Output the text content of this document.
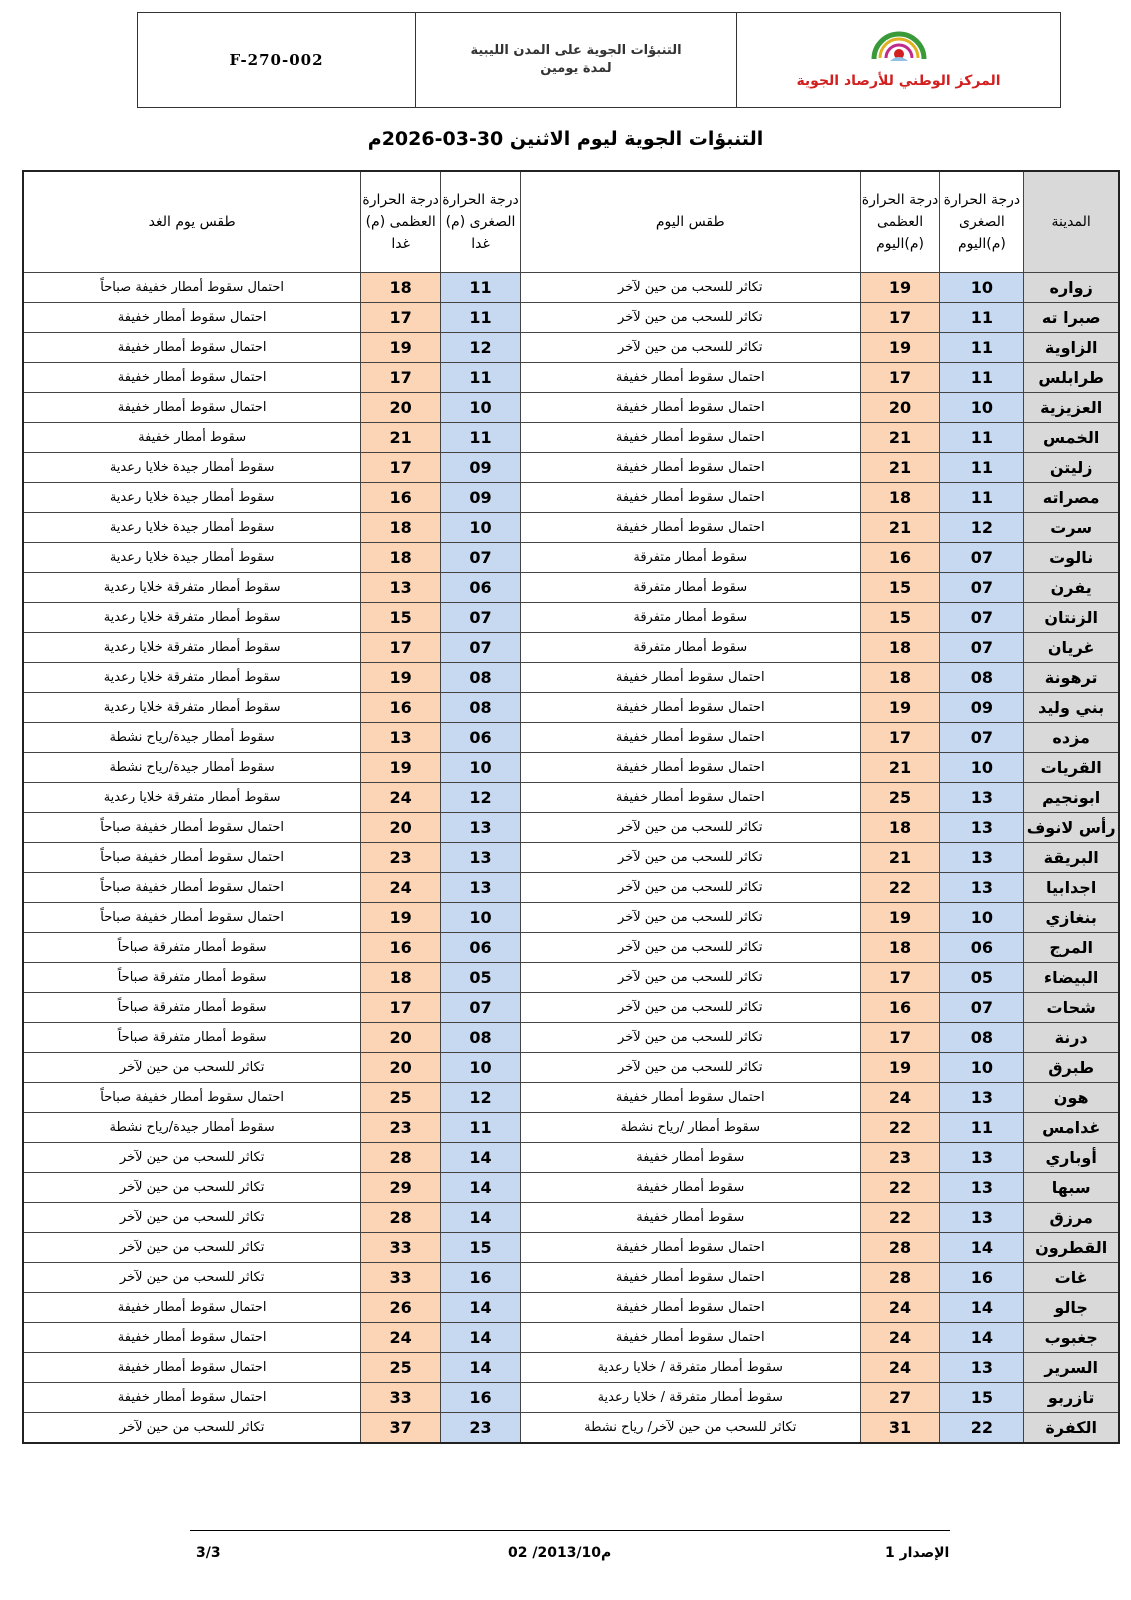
F-270-002
التنبؤات الجوية على المدن الليبية
لمدة يومين
المركز الوطني للأرصاد الجوية
التنبؤات الجوية ليوم الاثنين 30-03-2026م
المدينة	درجة الحرارة الصغرى (م)اليوم	درجة الحرارة العظمى (م)اليوم	طقس اليوم	درجة الحرارة الصغرى (م) غدا	درجة الحرارة العظمى (م) غدا	طقس يوم الغد
زواره	10	19	تكاثر للسحب من حين لآخر	11	18	احتمال سقوط أمطار خفيفة صباحاً
صبرا ته	11	17	تكاثر للسحب من حين لآخر	11	17	احتمال سقوط أمطار خفيفة
الزاوية	11	19	تكاثر للسحب من حين لآخر	12	19	احتمال سقوط أمطار خفيفة
طرابلس	11	17	احتمال سقوط أمطار خفيفة	11	17	احتمال سقوط أمطار خفيفة
العزيزية	10	20	احتمال سقوط أمطار خفيفة	10	20	احتمال سقوط أمطار خفيفة
الخمس	11	21	احتمال سقوط أمطار خفيفة	11	21	سقوط أمطار خفيفة
زليتن	11	21	احتمال سقوط أمطار خفيفة	09	17	سقوط أمطار جيدة خلايا رعدية
مصراته	11	18	احتمال سقوط أمطار خفيفة	09	16	سقوط أمطار جيدة خلايا رعدية
سرت	12	21	احتمال سقوط أمطار خفيفة	10	18	سقوط أمطار جيدة خلايا رعدية
نالوت	07	16	سقوط أمطار متفرقة	07	18	سقوط أمطار جيدة خلايا رعدية
يفرن	07	15	سقوط أمطار متفرقة	06	13	سقوط أمطار متفرقة خلايا رعدية
الزنتان	07	15	سقوط أمطار متفرقة	07	15	سقوط أمطار متفرقة خلايا رعدية
غريان	07	18	سقوط أمطار متفرقة	07	17	سقوط أمطار متفرقة خلايا رعدية
ترهونة	08	18	احتمال سقوط أمطار خفيفة	08	19	سقوط أمطار متفرقة خلايا رعدية
بني وليد	09	19	احتمال سقوط أمطار خفيفة	08	16	سقوط أمطار متفرقة خلايا رعدية
مزده	07	17	احتمال سقوط أمطار خفيفة	06	13	سقوط أمطار جيدة/رياح نشطة
القريات	10	21	احتمال سقوط أمطار خفيفة	10	19	سقوط أمطار جيدة/رياح نشطة
ابونجيم	13	25	احتمال سقوط أمطار خفيفة	12	24	سقوط أمطار متفرقة خلايا رعدية
رأس لانوف	13	18	تكاثر للسحب من حين لآخر	13	20	احتمال سقوط أمطار خفيفة صباحاً
البريقة	13	21	تكاثر للسحب من حين لآخر	13	23	احتمال سقوط أمطار خفيفة صباحاً
اجدابيا	13	22	تكاثر للسحب من حين لآخر	13	24	احتمال سقوط أمطار خفيفة صباحاً
بنغازي	10	19	تكاثر للسحب من حين لآخر	10	19	احتمال سقوط أمطار خفيفة صباحاً
المرج	06	18	تكاثر للسحب من حين لآخر	06	16	سقوط أمطار متفرقة صباحاً
البيضاء	05	17	تكاثر للسحب من حين لآخر	05	18	سقوط أمطار متفرقة صباحاً
شحات	07	16	تكاثر للسحب من حين لآخر	07	17	سقوط أمطار متفرقة صباحاً
درنة	08	17	تكاثر للسحب من حين لآخر	08	20	سقوط أمطار متفرقة صباحاً
طبرق	10	19	تكاثر للسحب من حين لآخر	10	20	تكاثر للسحب من حين لآخر
هون	13	24	احتمال سقوط أمطار خفيفة	12	25	احتمال سقوط أمطار خفيفة صباحاً
غدامس	11	22	سقوط أمطار /رياح نشطة	11	23	سقوط أمطار جيدة/رياح نشطة
أوباري	13	23	سقوط أمطار خفيفة	14	28	تكاثر للسحب من حين لآخر
سبها	13	22	سقوط أمطار خفيفة	14	29	تكاثر للسحب من حين لآخر
مرزق	13	22	سقوط أمطار خفيفة	14	28	تكاثر للسحب من حين لآخر
القطرون	14	28	احتمال سقوط أمطار خفيفة	15	33	تكاثر للسحب من حين لآخر
غات	16	28	احتمال سقوط أمطار خفيفة	16	33	تكاثر للسحب من حين لآخر
جالو	14	24	احتمال سقوط أمطار خفيفة	14	26	احتمال سقوط أمطار خفيفة
جغبوب	14	24	احتمال سقوط أمطار خفيفة	14	24	احتمال سقوط أمطار خفيفة
السرير	13	24	سقوط أمطار متفرقة / خلايا رعدية	14	25	احتمال سقوط أمطار خفيفة
تازربو	15	27	سقوط أمطار متفرقة / خلايا رعدية	16	33	احتمال سقوط أمطار خفيفة
الكفرة	22	31	تكاثر للسحب من حين لآخر/ رياح نشطة	23	37	تكاثر للسحب من حين لآخر
الإصدار 1
02 /2013/10م
3/3
